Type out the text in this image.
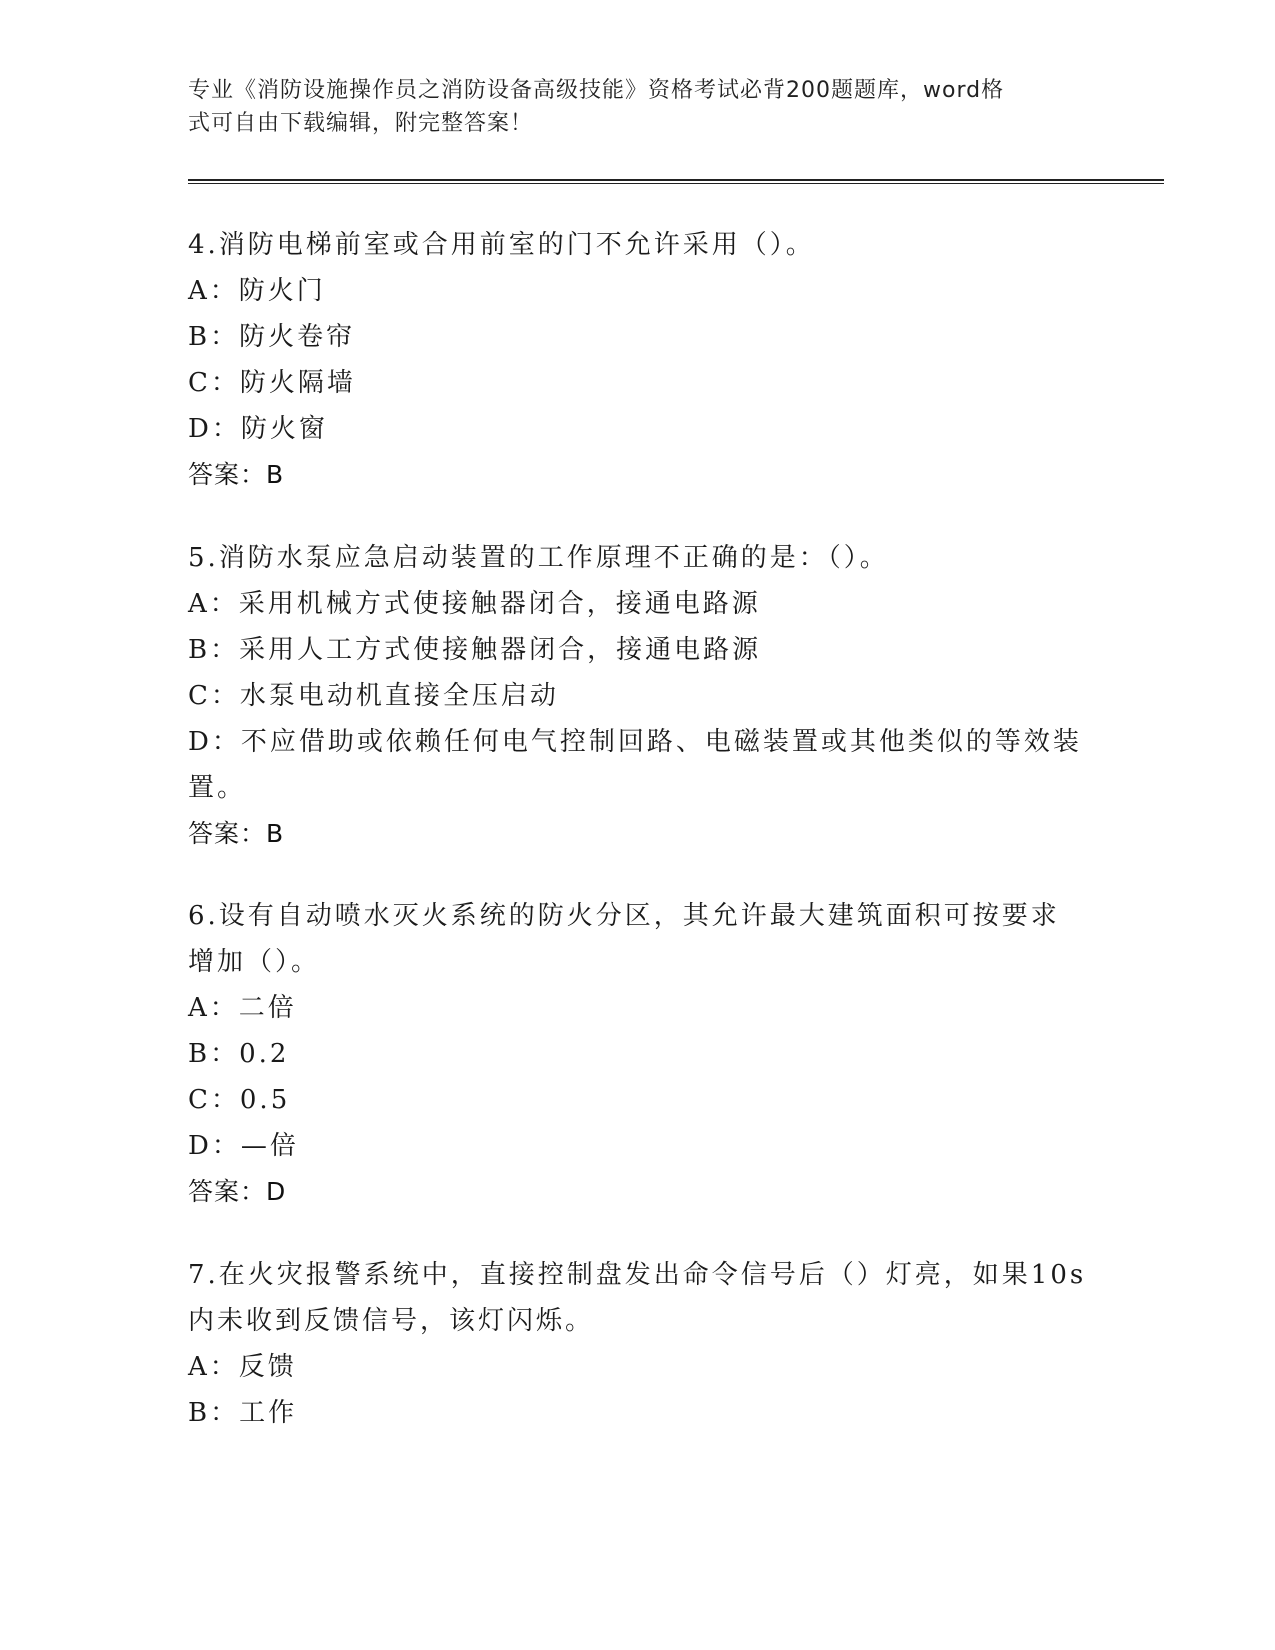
专业《消防设施操作员之消防设备高级技能》资格考试必背200题题库，word格
式可自由下载编辑，附完整答案！
4.消防电梯前室或合用前室的门不允许采用（）。
A：防火门
B：防火卷帘
C：防火隔墙
D：防火窗
答案：B
5.消防水泵应急启动装置的工作原理不正确的是：（）。
A：采用机械方式使接触器闭合，接通电路源
B：采用人工方式使接触器闭合，接通电路源
C：水泵电动机直接全压启动
D：不应借助或依赖任何电气控制回路、电磁装置或其他类似的等效装
置。
答案：B
6.设有自动喷水灭火系统的防火分区，其允许最大建筑面积可按要求
增加（）。
A：二倍
B：0.2
C：0.5
D：—倍
答案：D
7.在火灾报警系统中，直接控制盘发出命令信号后（）灯亮，如果10s
内未收到反馈信号，该灯闪烁。
A：反馈
B：工作
